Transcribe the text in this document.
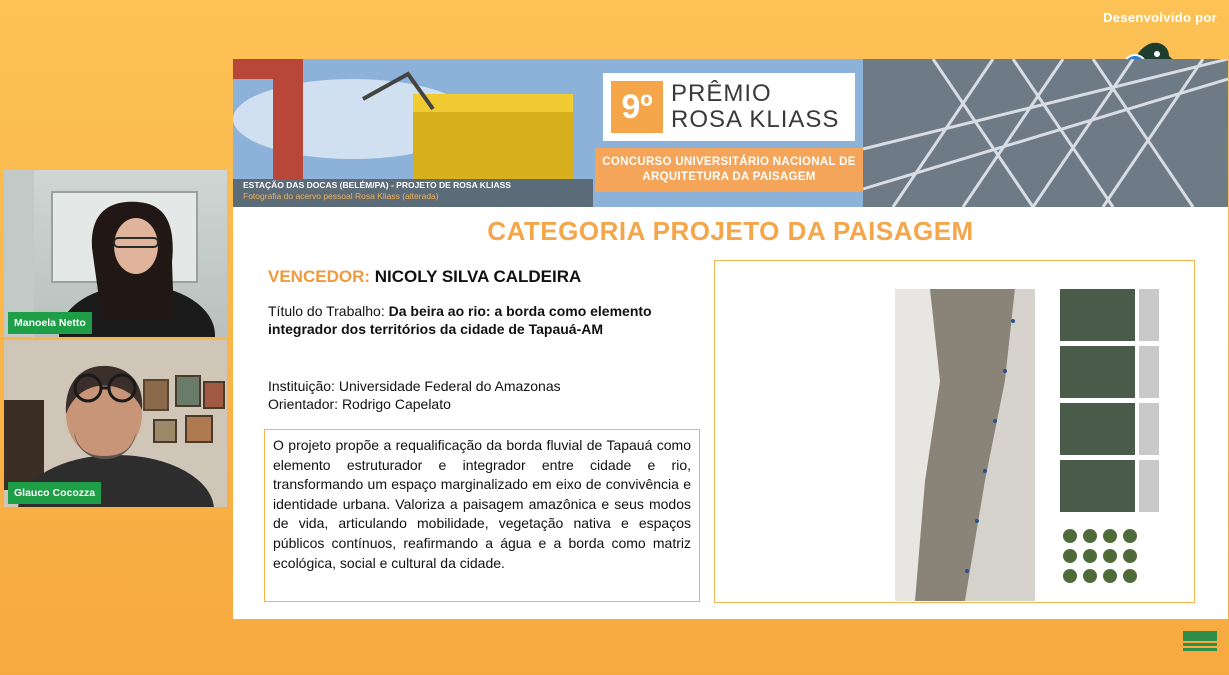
Desenvolvido por
Manoela Netto
Glauco Cocozza
ESTAÇÃO DAS DOCAS (BELÉM/PA) - PROJETO DE ROSA KLIASS
Fotografia do acervo pessoal Rosa Kliass (alterada)
9º PRÊMIO
ROSA KLIASS
CONCURSO UNIVERSITÁRIO NACIONAL DE
ARQUITETURA DA PAISAGEM
CATEGORIA PROJETO DA PAISAGEM
VENCEDOR: NICOLY SILVA CALDEIRA
Título do Trabalho: Da beira ao rio: a borda como elemento integrador dos territórios da cidade de Tapauá-AM
Instituição: Universidade Federal do Amazonas
Orientador: Rodrigo Capelato
O projeto propõe a requalificação da borda fluvial de Tapauá como elemento estruturador e integrador entre cidade e rio, transformando um espaço marginalizado em eixo de convivência e identidade urbana. Valoriza a paisagem amazônica e seus modos de vida, articulando mobilidade, vegetação nativa e espaços públicos contínuos, reafirmando a água e a borda como matriz ecológica, social e cultural da cidade.
